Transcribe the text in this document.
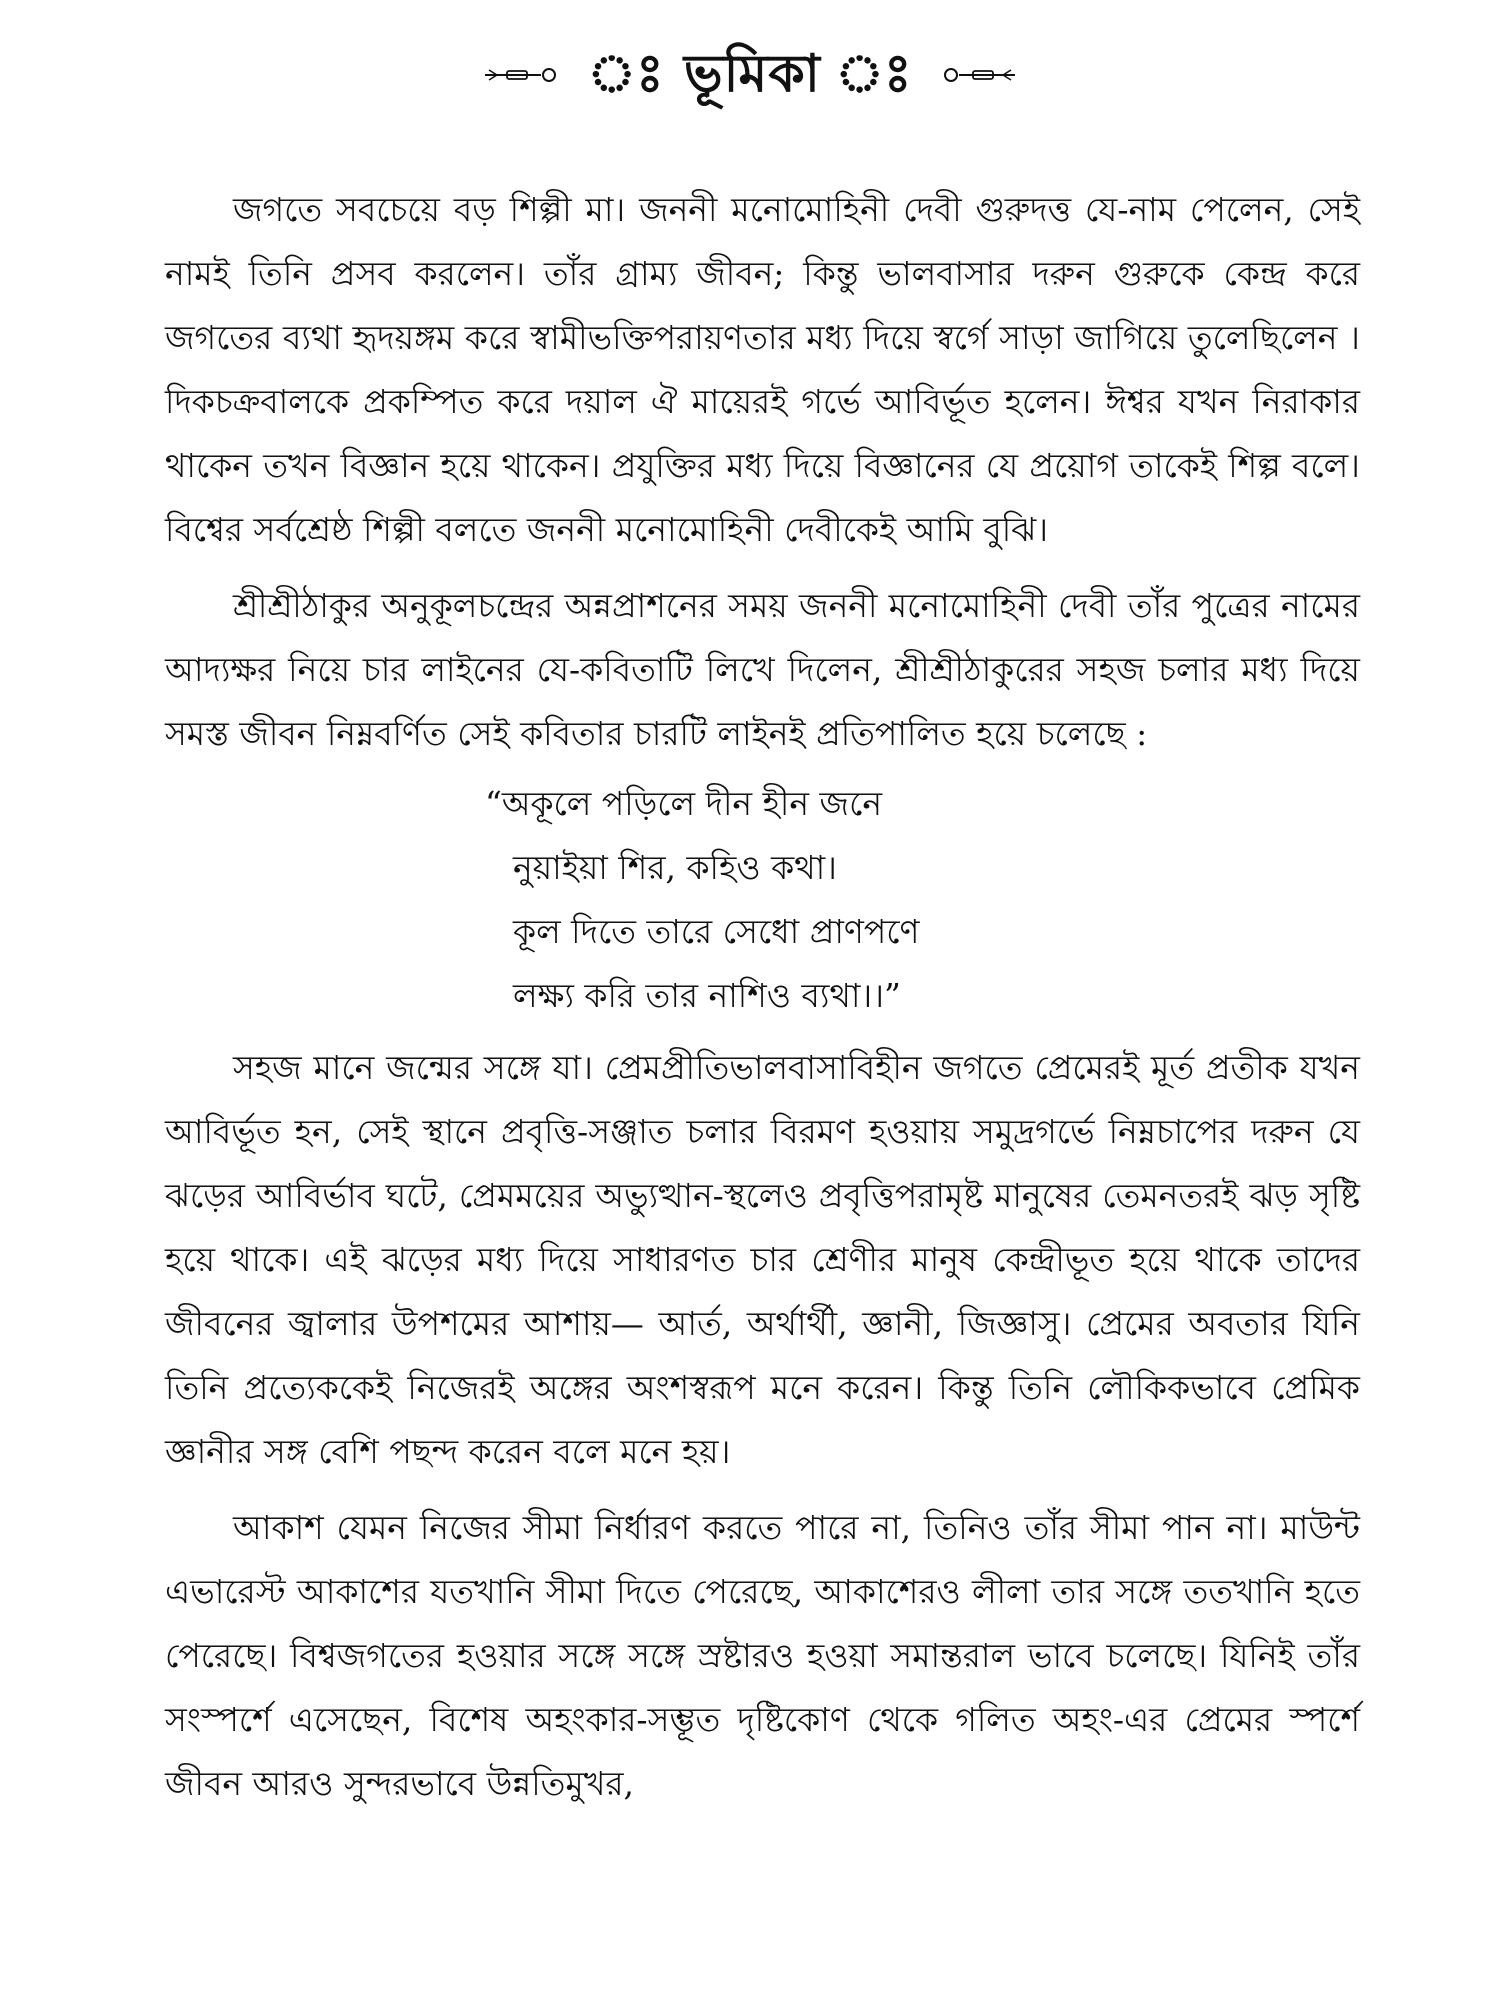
ঃ ভূমিকা ঃ

জগতে সবচেয়ে বড় শিল্পী মা। জননী মনোমোহিনী দেবী গুরুদত্ত যে-নাম পেলেন, সেই নামই তিনি প্রসব করলেন। তাঁর গ্রাম্য জীবন; কিন্তু ভালবাসার দরুন গুরুকে কেন্দ্র করে জগতের ব্যথা হৃদয়ঙ্গম করে স্বামীভক্তিপরায়ণতার মধ্য দিয়ে স্বর্গে সাড়া জাগিয়ে তুলেছিলেন । দিকচক্রবালকে প্রকম্পিত করে দয়াল ঐ মায়েরই গর্ভে আবির্ভূত হলেন। ঈশ্বর যখন নিরাকার থাকেন তখন বিজ্ঞান হয়ে থাকেন। প্রযুক্তির মধ্য দিয়ে বিজ্ঞানের যে প্রয়োগ তাকেই শিল্প বলে। বিশ্বের সর্বশ্রেষ্ঠ শিল্পী বলতে জননী মনোমোহিনী দেবীকেই আমি বুঝি।

শ্রীশ্রীঠাকুর অনুকূলচন্দ্রের অন্নপ্রাশনের সময় জননী মনোমোহিনী দেবী তাঁর পুত্রের নামের আদ্যক্ষর নিয়ে চার লাইনের যে-কবিতাটি লিখে দিলেন, শ্রীশ্রীঠাকুরের সহজ চলার মধ্য দিয়ে সমস্ত জীবন নিম্নবর্ণিত সেই কবিতার চারটি লাইনই প্রতিপালিত হয়ে চলেছে :

“অকূলে পড়িলে দীন হীন জনে
নুয়াইয়া শির, কহিও কথা।
কূল দিতে তারে সেধো প্রাণপণে
লক্ষ্য করি তার নাশিও ব্যথা।।”

সহজ মানে জন্মের সঙ্গে যা। প্রেমপ্রীতিভালবাসাবিহীন জগতে প্রেমেরই মূর্ত প্রতীক যখন আবির্ভূত হন, সেই স্থানে প্রবৃত্তি-সঞ্জাত চলার বিরমণ হওয়ায় সমুদ্রগর্ভে নিম্নচাপের দরুন যে ঝড়ের আবির্ভাব ঘটে, প্রেমময়ের অভ্যুত্থান-স্থলেও প্রবৃত্তিপরামৃষ্ট মানুষের তেমনতরই ঝড় সৃষ্টি হয়ে থাকে। এই ঝড়ের মধ্য দিয়ে সাধারণত চার শ্রেণীর মানুষ কেন্দ্রীভূত হয়ে থাকে তাদের জীবনের জ্বালার উপশমের আশায়— আর্ত, অর্থার্থী, জ্ঞানী, জিজ্ঞাসু। প্রেমের অবতার যিনি তিনি প্রত্যেককেই নিজেরই অঙ্গের অংশস্বরূপ মনে করেন। কিন্তু তিনি লৌকিকভাবে প্রেমিক জ্ঞানীর সঙ্গ বেশি পছন্দ করেন বলে মনে হয়।

আকাশ যেমন নিজের সীমা নির্ধারণ করতে পারে না, তিনিও তাঁর সীমা পান না। মাউন্ট এভারেস্ট আকাশের যতখানি সীমা দিতে পেরেছে, আকাশেরও লীলা তার সঙ্গে ততখানি হতে পেরেছে। বিশ্বজগতের হওয়ার সঙ্গে সঙ্গে স্রষ্টারও হওয়া সমান্তরাল ভাবে চলেছে। যিনিই তাঁর সংস্পর্শে এসেছেন, বিশেষ অহংকার-সম্ভূত দৃষ্টিকোণ থেকে গলিত অহং-এর প্রেমের স্পর্শে জীবন আরও সুন্দরভাবে উন্নতিমুখর,
